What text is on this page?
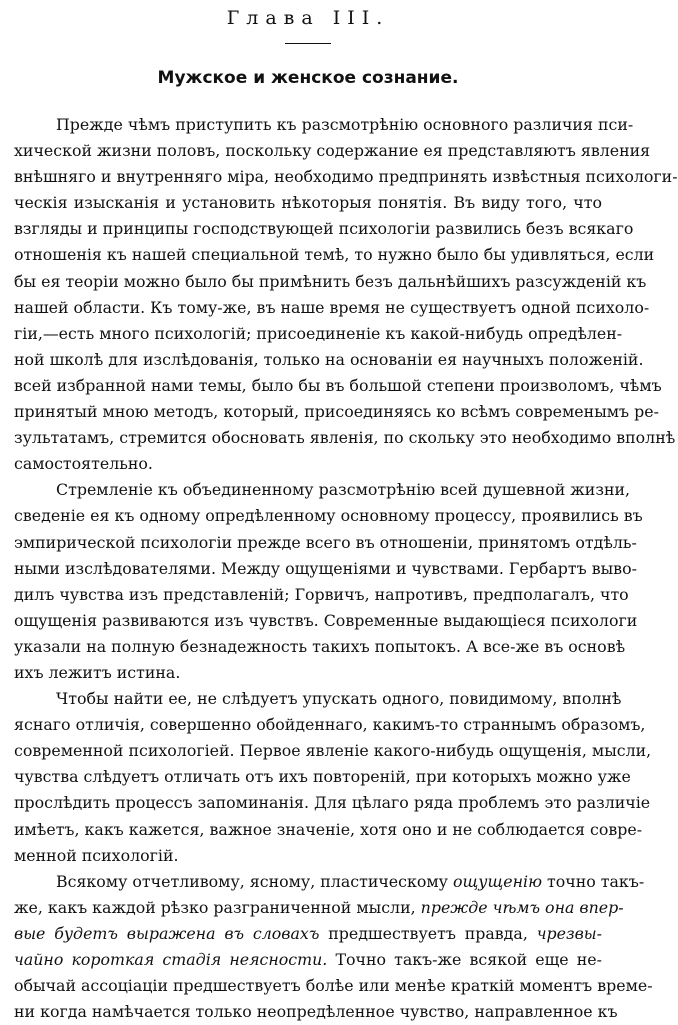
Глава III.
Мужское и женское сознание.
Прежде чѣмъ приступить къ разсмотрѣнію основного различия пси-
хической жизни половъ, поскольку содержание ея представляютъ явления
внѣшняго и внутренняго міра, необходимо предпринять извѣстныя психологи-
ческія изысканія и установить нѣкоторыя понятія. Въ виду того, что
взгляды и принципы господствующей психологіи развились безъ всякаго
отношенія къ нашей специальной темѣ, то нужно было бы удивляться, если
бы ея теоріи можно было бы примѣнить безъ дальнѣйшихъ разсужденій къ
нашей области. Къ тому-же, въ наше время не существуетъ одной психоло-
гіи,—есть много психологій; присоединеніе къ какой-нибудь опредѣлен-
ной школѣ для изслѣдованія, только на основаніи ея научныхъ положеній.
всей избранной нами темы, было бы въ большой степени произволомъ, чѣмъ
принятый мною методъ, который, присоединяясь ко всѣмъ современымъ ре-
зультатамъ, стремится обосновать явленія, по скольку это необходимо вполнѣ
самостоятельно.
Стремленіе къ объединенному разсмотрѣнію всей душевной жизни,
сведеніе ея къ одному опредѣленному основному процессу, проявились въ
эмпирической психологіи прежде всего въ отношеніи, принятомъ отдѣль-
ными изслѣдователями. Между ощущеніями и чувствами. Гербартъ выво-
дилъ чувства изъ представленій; Горвичъ, напротивъ, предполагалъ, что
ощущенія развиваются изъ чувствъ. Современные выдающіеся психологи
указали на полную безнадежность такихъ попытокъ. А все-же въ основѣ
ихъ лежитъ истина.
Чтобы найти ее, не слѣдуетъ упускать одного, повидимому, вполнѣ
яснаго отличія, совершенно обойденнаго, какимъ-то страннымъ образомъ,
современной психологіей. Первое явленіе какого-нибудь ощущенія, мысли,
чувства слѣдуетъ отличать отъ ихъ повтореній, при которыхъ можно уже
прослѣдить процессъ запоминанія. Для цѣлаго ряда проблемъ это различіе
имѣетъ, какъ кажется, важное значеніе, хотя оно и не соблюдается совре-
менной психологій.
Всякому отчетливому, ясному, пластическому ощущенію точно такъ-
же, какъ каждой рѣзко разграниченной мысли, прежде чѣмъ она впер-
вые будетъ выражена въ словахъ предшествуетъ правда, чрезвы-
чайно короткая стадія неясности. Точно такъ-же всякой еще не-
обычай ассоціаціи предшествуетъ болѣе или менѣе краткій моментъ време-
ни когда намѣчается только неопредѣленное чувство, направленное къ
